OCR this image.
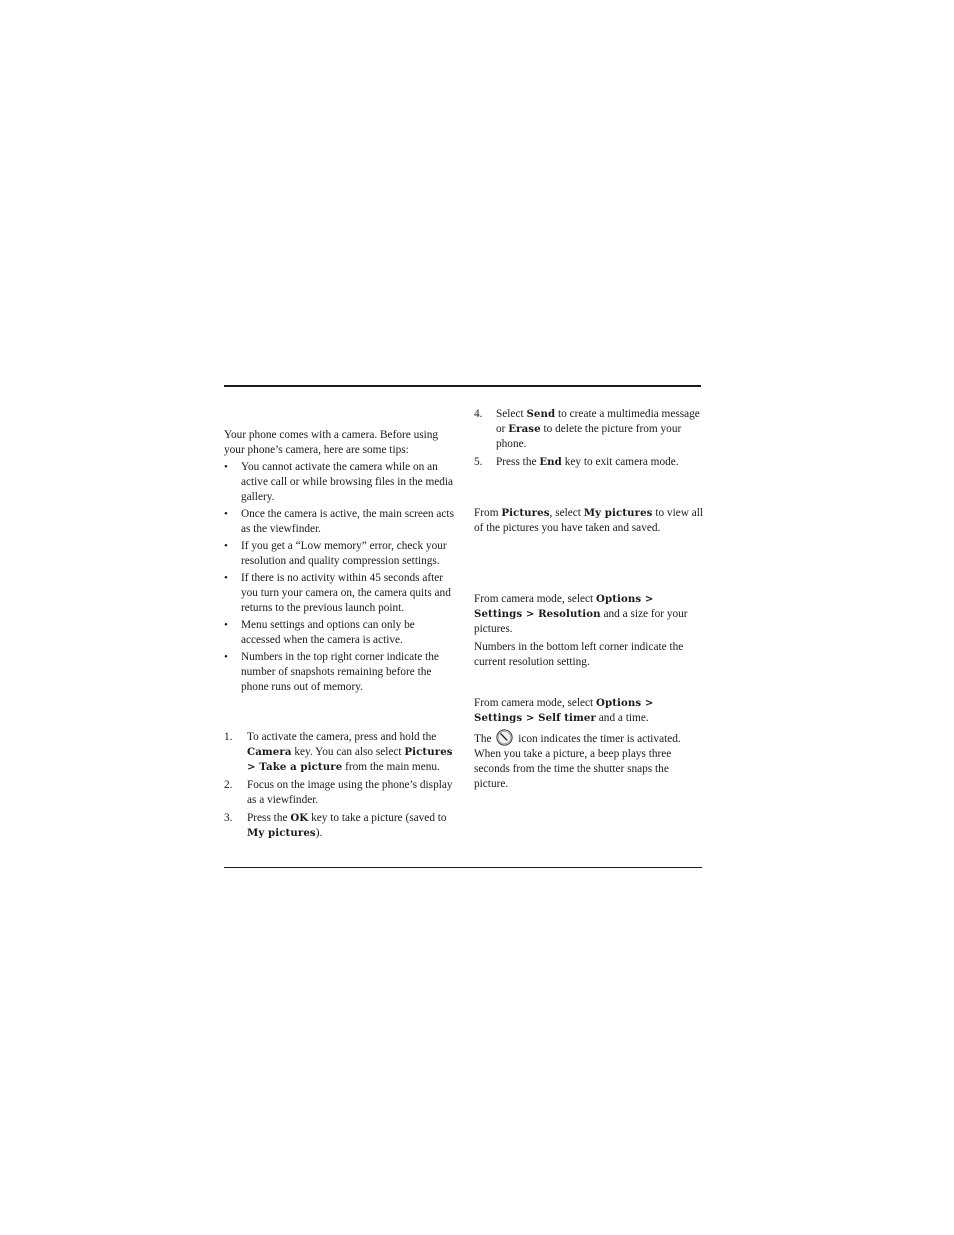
Your phone comes with a camera. Before using your phone’s camera, here are some tips:

• You cannot activate the camera while on an active call or while browsing files in the media gallery.
• Once the camera is active, the main screen acts as the viewfinder.
• If you get a “Low memory” error, check your resolution and quality compression settings.
• If there is no activity within 45 seconds after you turn your camera on, the camera quits and returns to the previous launch point.
• Menu settings and options can only be accessed when the camera is active.
• Numbers in the top right corner indicate the number of snapshots remaining before the phone runs out of memory.
1. To activate the camera, press and hold the Camera key. You can also select Pictures > Take a picture from the main menu.
2. Focus on the image using the phone’s display as a viewfinder.
3. Press the OK key to take a picture (saved to My pictures).
4. Select Send to create a multimedia message or Erase to delete the picture from your phone.
5. Press the End key to exit camera mode.

From Pictures, select My pictures to view all of the pictures you have taken and saved.

From camera mode, select Options > Settings > Resolution and a size for your pictures.

Numbers in the bottom left corner indicate the current resolution setting.

From camera mode, select Options > Settings > Self timer and a time.

The  icon indicates the timer is activated. When you take a picture, a beep plays three seconds from the time the shutter snaps the picture.
